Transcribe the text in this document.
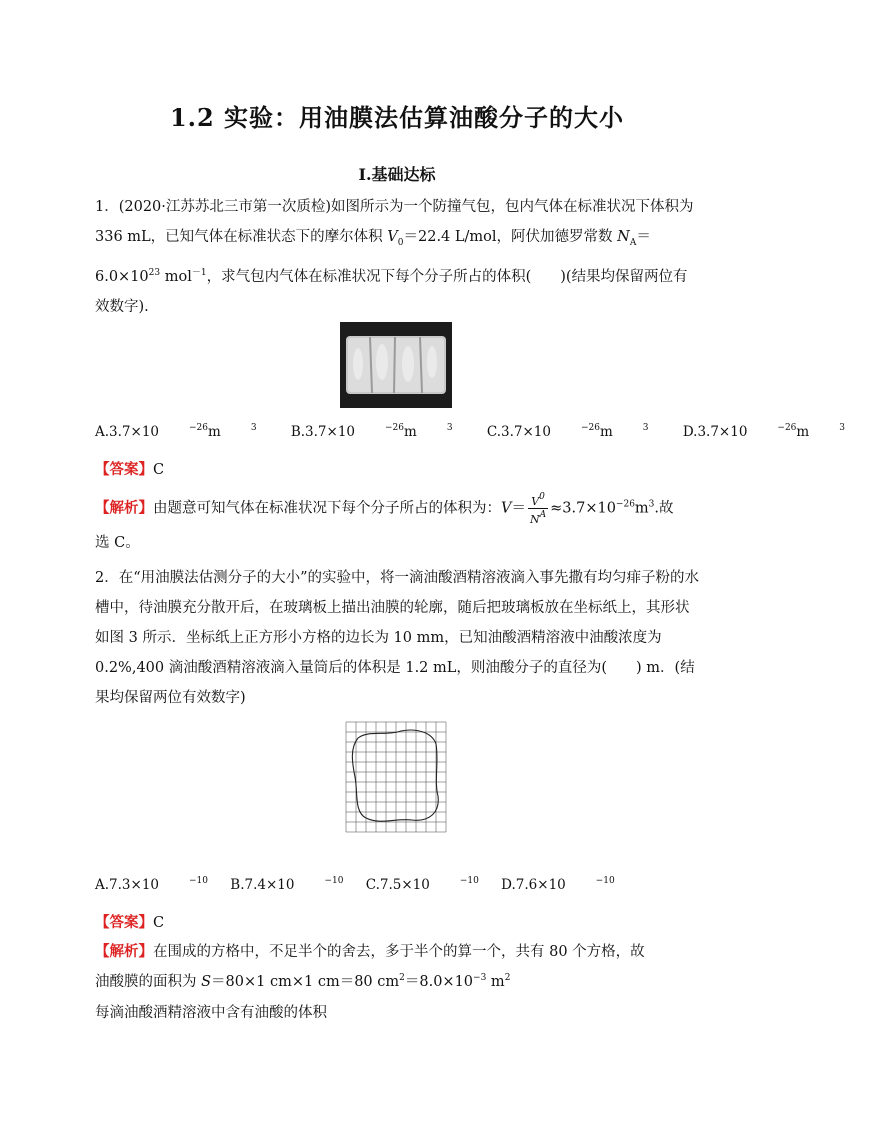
1.2 实验：用油膜法估算油酸分子的大小
Ⅰ.基础达标
1．(2020·江苏苏北三市第一次质检)如图所示为一个防撞气包，包内气体在标准状况下体积为 336 mL，已知气体在标准状态下的摩尔体积 $V_0=22.4$ L/mol，阿伏加德罗常数 $N_A=6.0\times 10^{23}$ mol$^{-1}$，求气包内气体在标准状况下每个分子所占的体积(　　)(结果均保留两位有效数字).
A.3.7×10	$^{-26}$m	$^3$	B.3.7×10	$^{-26}$m	$^3$	C.3.7×10	$^{-26}$m	$^3$	D.3.7×10	$^{-26}$m	$^3$
【答案】C
【解析】由题意可知气体在标准状况下每个分子所占的体积为：$V= \frac{V^0}{N^A} \approx 3.7\times 10^{-26}m^3$.故
选 C。
2．在“用油膜法估测分子的大小”的实验中，将一滴油酸酒精溶液滴入事先撒有均匀痱子粉的水槽中，待油膜充分散开后，在玻璃板上描出油膜的轮廓，随后把玻璃板放在坐标纸上，其形状如图 3 所示．坐标纸上正方形小方格的边长为 10 mm，已知油酸酒精溶液中油酸浓度为 0.2%,400 滴油酸酒精溶液滴入量筒后的体积是 1.2 mL，则油酸分子的直径为(　　) m．(结果均保留两位有效数字)
A.7.3×10	$^{-10}$ B.7.4×10	$^{-10}$ C.7.5×10	$^{-10}$ D.7.6×10	$^{-10}$
【答案】C
【解析】在围成的方格中，不足半个的舍去，多于半个的算一个，共有 80 个方格，故
油酸膜的面积为 S＝80×1 cm×1 cm＝80 $cm^2=8.0\times 10^{-3}$ $m^2$
每滴油酸酒精溶液中含有油酸的体积
